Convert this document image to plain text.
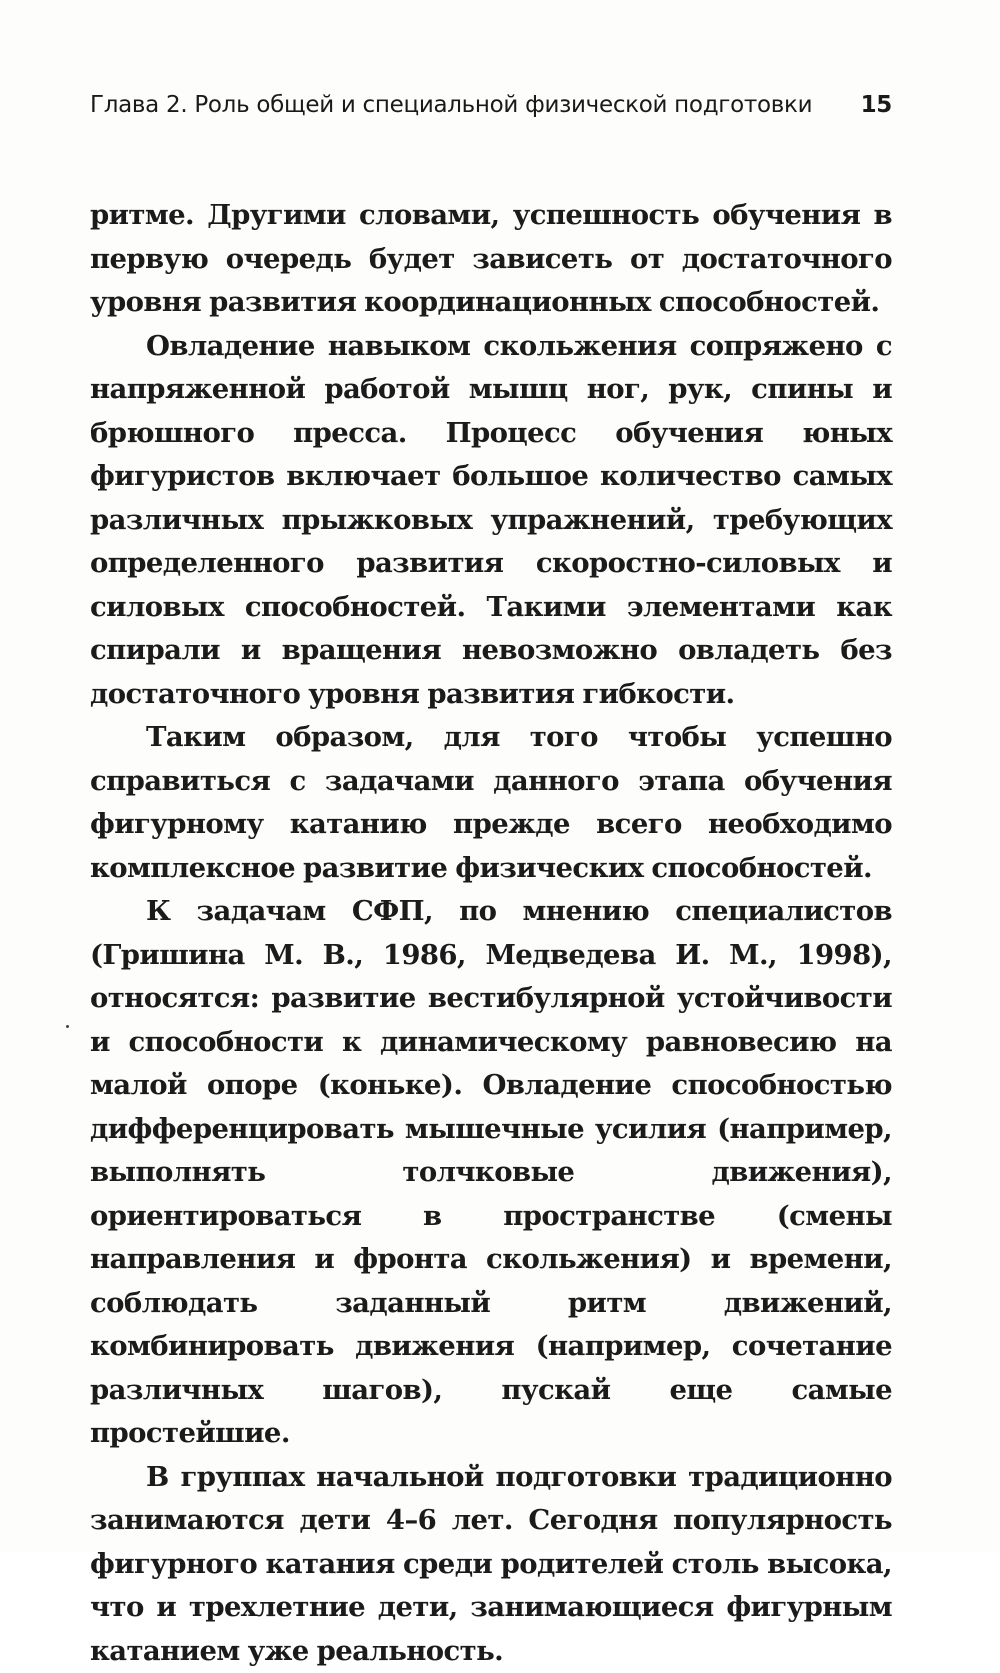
Глава 2. Роль общей и специальной физической подготовки 15

ритме. Другими словами, успешность обучения в первую очередь будет зависеть от достаточного уровня развития координационных способностей.

Овладение навыком скольжения сопряжено с напряженной работой мышц ног, рук, спины и брюшного пресса. Процесс обучения юных фигуристов включает большое количество самых различных прыжковых упражнений, требующих определенного развития скоростно-силовых и силовых способностей. Такими элементами как спирали и вращения невозможно овладеть без достаточного уровня развития гибкости.

Таким образом, для того чтобы успешно справиться с задачами данного этапа обучения фигурному катанию прежде всего необходимо комплексное развитие физических способностей.

К задачам СФП, по мнению специалистов (Гришина М. В., 1986, Медведева И. М., 1998), относятся: развитие вестибулярной устойчивости и способности к динамическому равновесию на малой опоре (коньке). Овладение способностью дифференцировать мышечные усилия (например, выполнять толчковые движения), ориентироваться в пространстве (смены направления и фронта скольжения) и времени, соблюдать заданный ритм движений, комбинировать движения (например, сочетание различных шагов), пускай еще самые простейшие.

В группах начальной подготовки традиционно занимаются дети 4–6 лет. Сегодня популярность фигурного катания среди родителей столь высока, что и трехлетние дети, занимающиеся фигурным катанием уже реальность.
